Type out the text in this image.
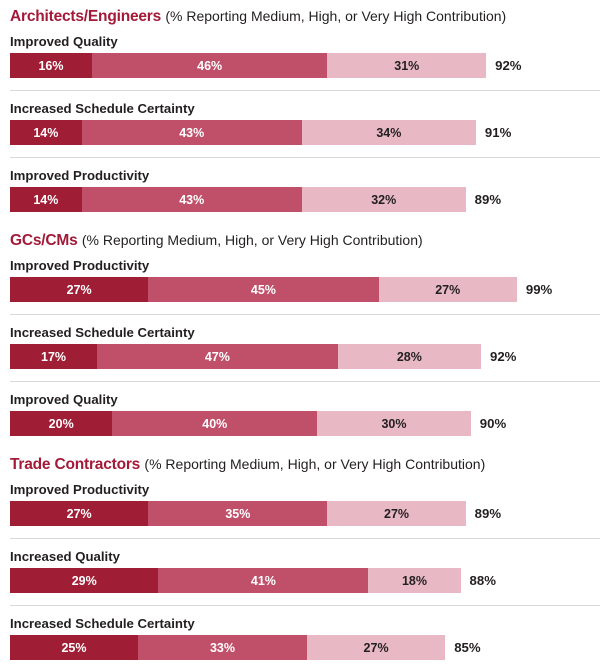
Architects/Engineers (% Reporting Medium, High, or Very High Contribution)
Improved Quality
16%	46%	31%	92%
Increased Schedule Certainty
14%	43%	34%	91%
Improved Productivity
14%	43%	32%	89%
GCs/CMs (% Reporting Medium, High, or Very High Contribution)
Improved Productivity
27%	45%	27%	99%
Increased Schedule Certainty
17%	47%	28%	92%
Improved Quality
20%	40%	30%	90%
Trade Contractors (% Reporting Medium, High, or Very High Contribution)
Improved Productivity
27%	35%	27%	89%
Increased Quality
29%	41%	18%	88%
Increased Schedule Certainty
25%	33%	27%	85%
